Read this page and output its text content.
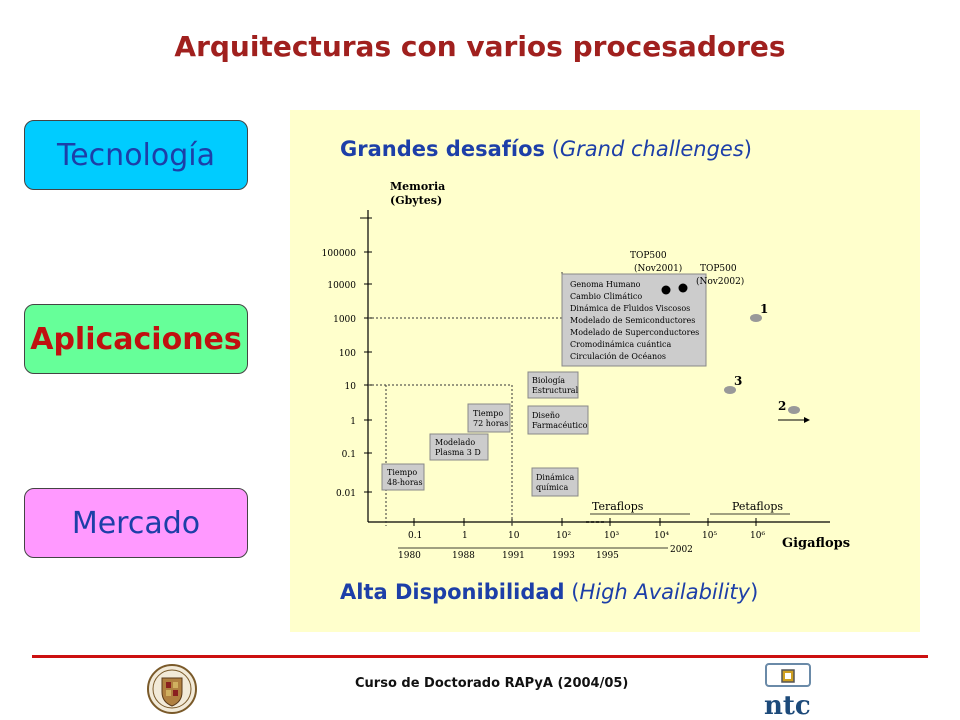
Arquitecturas con varios procesadores
Tecnología
Aplicaciones
Mercado
Grandes desafíos (Grand challenges)
Alta Disponibilidad (High Availability)
Memoria
(Gbytes)
Gigaflops
0.01
0.1
1
10
100
1000
10000
100000
0.1	1	10	10²	10³	10⁴	10⁵	10⁶
1980	1988	1991	1993 1995
2002
Teraflops	Petaflops
Tiempo
48-horas
Modelado
Plasma 3 D
Tiempo
72 horas
Biología
Estructural
Diseño
Farmacéutico
Dinámica
química
Genoma Humano
Cambio Climático
Dinámica de Fluidos Viscosos
Modelado de Semiconductores
Modelado de Superconductores
Cromodinámica cuántica
Circulación de Océanos
TOP500
(Nov2001) TOP500
(Nov2002)
1
3
2
Curso de Doctorado RAPyA (2004/05)
ntc
